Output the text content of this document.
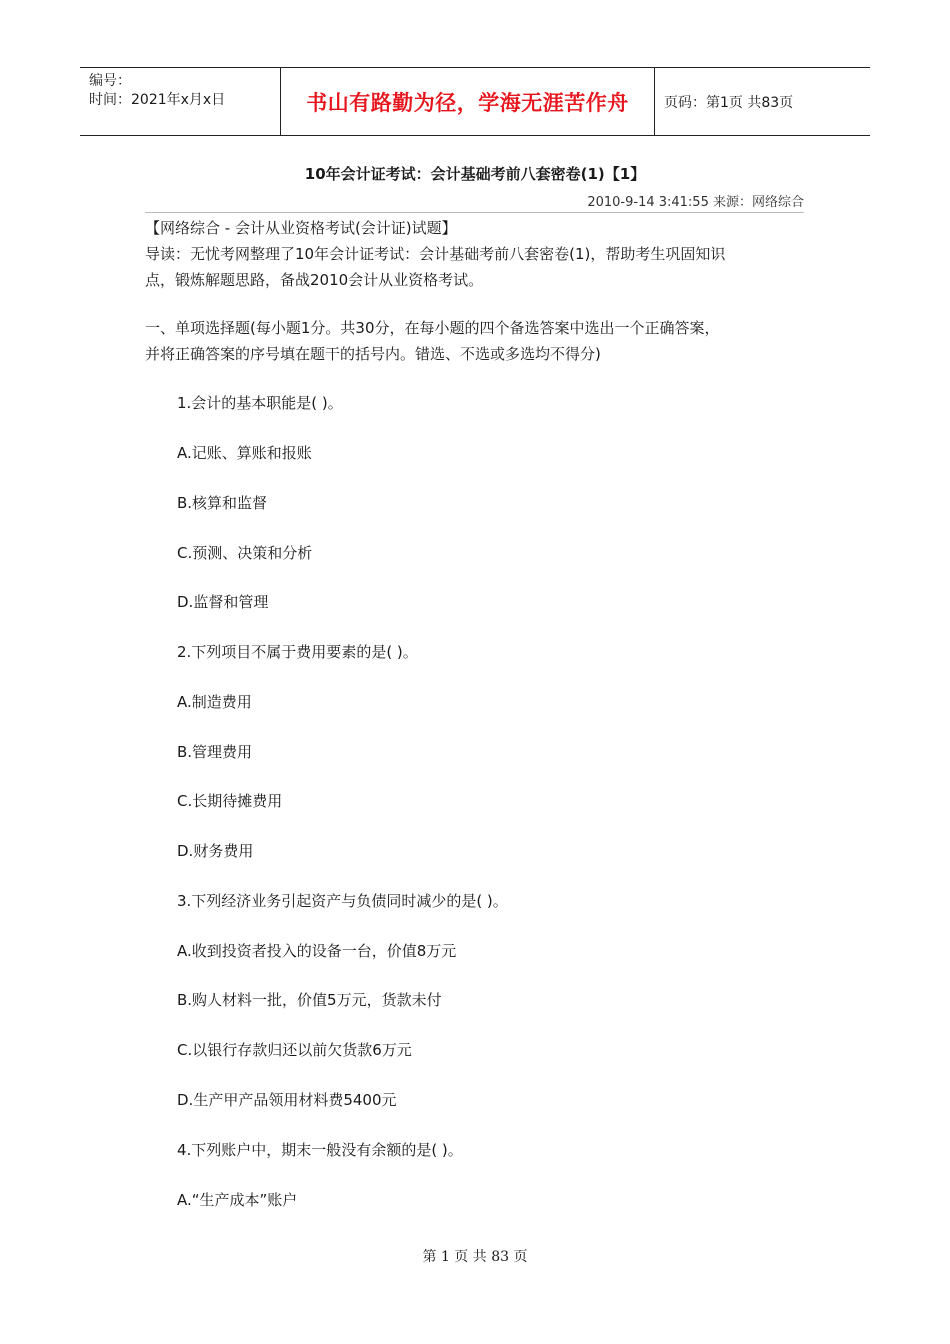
编号：
时间：2021年x月x日	书山有路勤为径，学海无涯苦作舟	页码：第1页 共83页
10年会计证考试：会计基础考前八套密卷(1)【1】
2010-9-14 3:41:55 来源：网络综合
【网络综合 - 会计从业资格考试(会计证)试题】
导读：无忧考网整理了10年会计证考试：会计基础考前八套密卷(1)，帮助考生巩固知识
点，锻炼解题思路，备战2010会计从业资格考试。
一、单项选择题(每小题1分。共30分，在每小题的四个备选答案中选出一个正确答案，
并将正确答案的序号填在题干的括号内。错选、不选或多选均不得分)
1.会计的基本职能是( )。
A.记账、算账和报账
B.核算和监督
C.预测、决策和分析
D.监督和管理
2.下列项目不属于费用要素的是( )。
A.制造费用
B.管理费用
C.长期待摊费用
D.财务费用
3.下列经济业务引起资产与负债同时减少的是( )。
A.收到投资者投入的设备一台，价值8万元
B.购人材料一批，价值5万元，货款未付
C.以银行存款归还以前欠货款6万元
D.生产甲产品领用材料费5400元
4.下列账户中，期末一般没有余额的是( )。
A.“生产成本”账户
第 1 页 共 83 页
